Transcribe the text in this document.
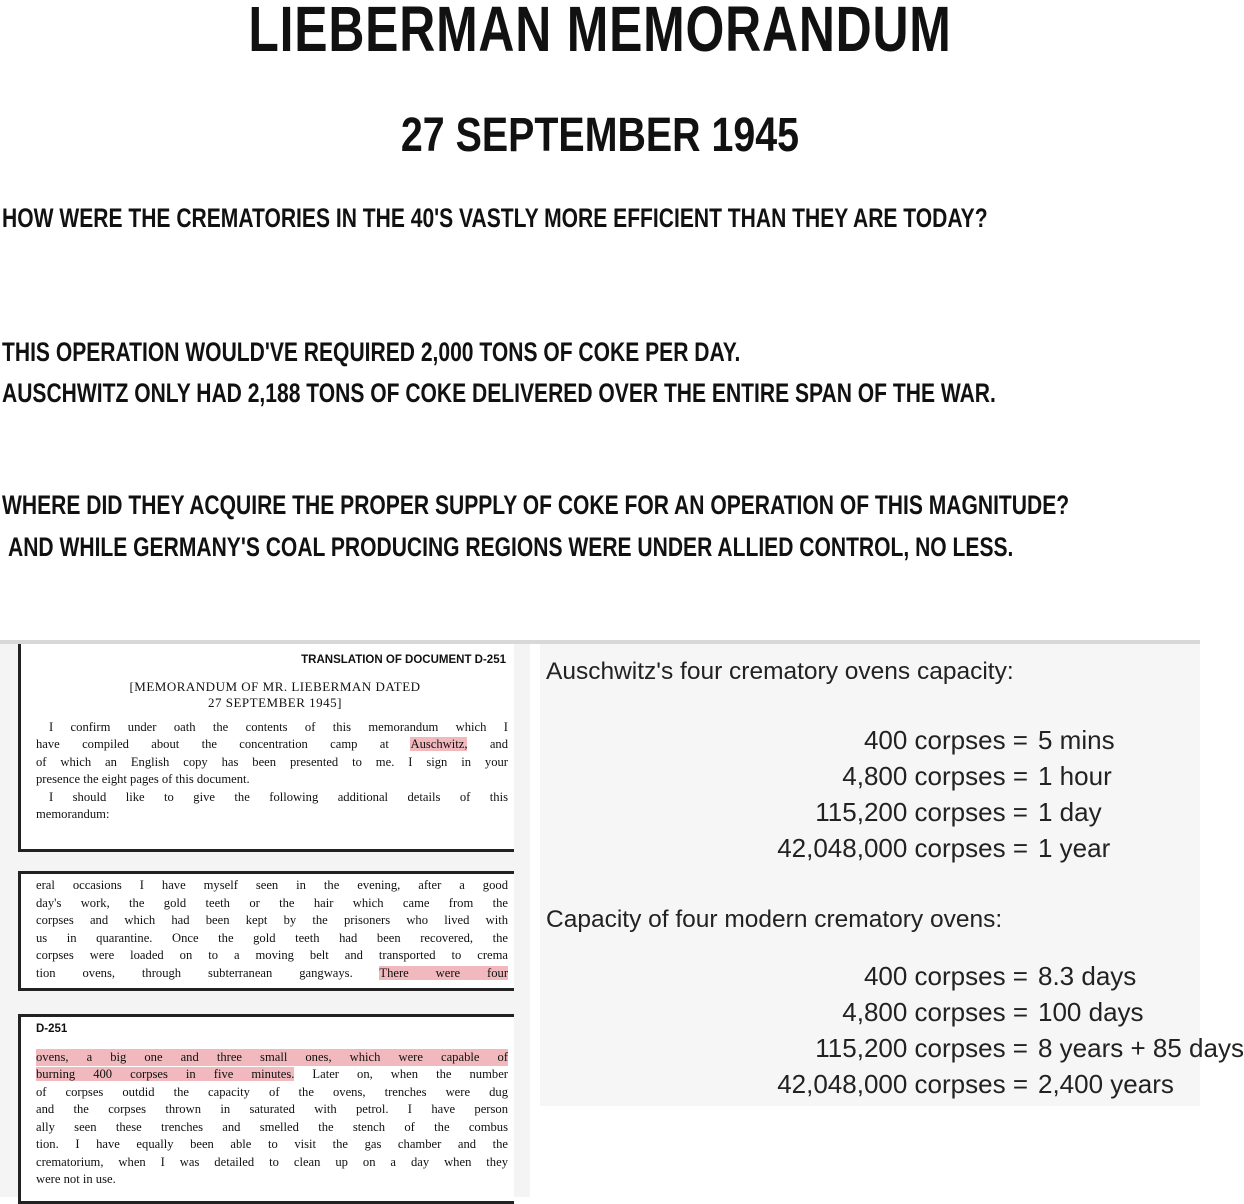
LIEBERMAN MEMORANDUM
27 SEPTEMBER 1945
HOW WERE THE CREMATORIES IN THE 40'S VASTLY MORE EFFICIENT THAN THEY ARE TODAY?
THIS OPERATION WOULD'VE REQUIRED 2,000 TONS OF COKE PER DAY.
AUSCHWITZ ONLY HAD 2,188 TONS OF COKE DELIVERED OVER THE ENTIRE SPAN OF THE WAR.
WHERE DID THEY ACQUIRE THE PROPER SUPPLY OF COKE FOR AN OPERATION OF THIS MAGNITUDE?
AND WHILE GERMANY'S COAL PRODUCING REGIONS WERE UNDER ALLIED CONTROL, NO LESS.
TRANSLATION OF DOCUMENT D-251
[MEMORANDUM OF MR. LIEBERMAN DATED
27 SEPTEMBER 1945]
I confirm under oath the contents of this memorandum which I
have compiled about the concentration camp at Auschwitz, and
of which an English copy has been presented to me. I sign in your
presence the eight pages of this document.
I should like to give the following additional details of this
memorandum:
eral occasions I have myself seen in the evening, after a good
day's work, the gold teeth or the hair which came from the
corpses and which had been kept by the prisoners who lived with
us in quarantine. Once the gold teeth had been recovered, the
corpses were loaded on to a moving belt and transported to crema
tion ovens, through subterranean gangways. There were four
D-251
ovens, a big one and three small ones, which were capable of
burning 400 corpses in five minutes. Later on, when the number
of corpses outdid the capacity of the ovens, trenches were dug
and the corpses thrown in saturated with petrol. I have person
ally seen these trenches and smelled the stench of the combus
tion. I have equally been able to visit the gas chamber and the
crematorium, when I was detailed to clean up on a day when they
were not in use.
Auschwitz's four crematory ovens capacity:
400 corpses = 5 mins
4,800 corpses = 1 hour
115,200 corpses = 1 day
42,048,000 corpses = 1 year
Capacity of four modern crematory ovens:
400 corpses = 8.3 days
4,800 corpses = 100 days
115,200 corpses = 8 years + 85 days
42,048,000 corpses = 2,400 years
